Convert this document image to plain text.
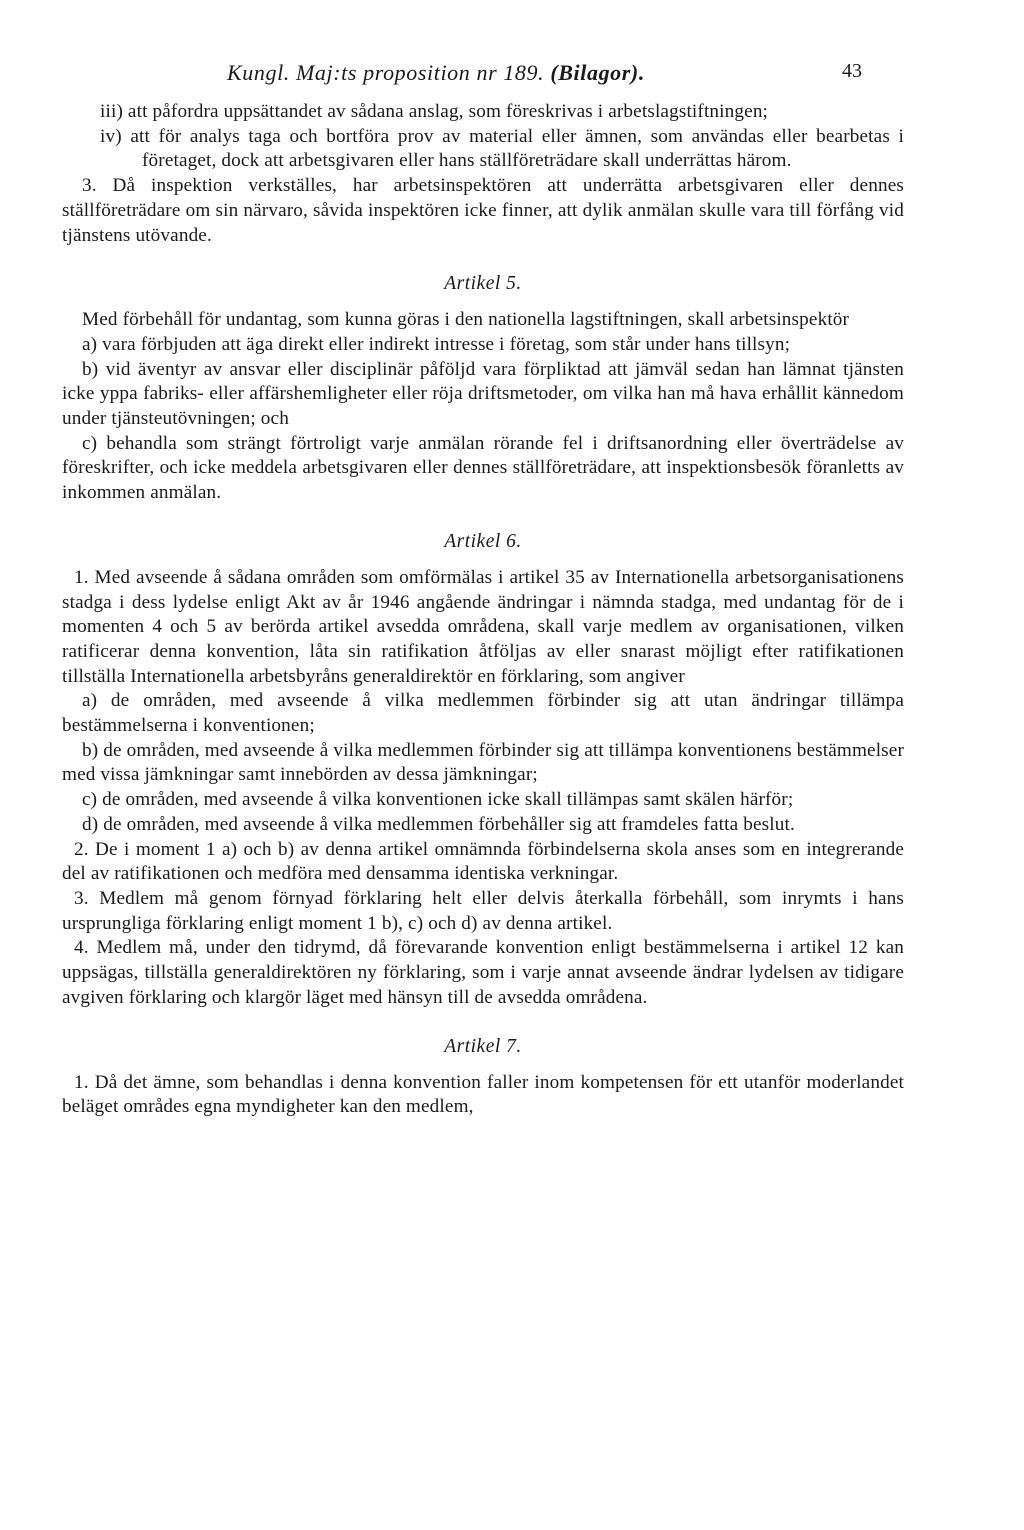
Kungl. Maj:ts proposition nr 189. (Bilagor).	43

iii) att påfordra uppsättandet av sådana anslag, som föreskrivas i arbetslagstiftningen;

iv) att för analys taga och bortföra prov av material eller ämnen, som användas eller bearbetas i företaget, dock att arbetsgivaren eller hans ställföreträdare skall underrättas härom.

3. Då inspektion verkställes, har arbetsinspektören att underrätta arbetsgivaren eller dennes ställföreträdare om sin närvaro, såvida inspektören icke finner, att dylik anmälan skulle vara till förfång vid tjänstens utövande.

Artikel 5.

Med förbehåll för undantag, som kunna göras i den nationella lagstiftningen, skall arbetsinspektör

a) vara förbjuden att äga direkt eller indirekt intresse i företag, som står under hans tillsyn;

b) vid äventyr av ansvar eller disciplinär påföljd vara förpliktad att jämväl sedan han lämnat tjänsten icke yppa fabriks- eller affärshemligheter eller röja driftsmetoder, om vilka han må hava erhållit kännedom under tjänsteutövningen; och

c) behandla som strängt förtroligt varje anmälan rörande fel i driftsanordning eller överträdelse av föreskrifter, och icke meddela arbetsgivaren eller dennes ställföreträdare, att inspektionsbesök föranletts av inkommen anmälan.

Artikel 6.

1. Med avseende å sådana områden som omförmälas i artikel 35 av Internationella arbetsorganisationens stadga i dess lydelse enligt Akt av år 1946 angående ändringar i nämnda stadga, med undantag för de i momenten 4 och 5 av berörda artikel avsedda områdena, skall varje medlem av organisationen, vilken ratificerar denna konvention, låta sin ratifikation åtföljas av eller snarast möjligt efter ratifikationen tillställa Internationella arbetsbyråns generaldirektör en förklaring, som angiver

a) de områden, med avseende å vilka medlemmen förbinder sig att utan ändringar tillämpa bestämmelserna i konventionen;

b) de områden, med avseende å vilka medlemmen förbinder sig att tillämpa konventionens bestämmelser med vissa jämkningar samt innebörden av dessa jämkningar;

c) de områden, med avseende å vilka konventionen icke skall tillämpas samt skälen härför;

d) de områden, med avseende å vilka medlemmen förbehåller sig att framdeles fatta beslut.

2. De i moment 1 a) och b) av denna artikel omnämnda förbindelserna skola anses som en integrerande del av ratifikationen och medföra med densamma identiska verkningar.

3. Medlem må genom förnyad förklaring helt eller delvis återkalla förbehåll, som inrymts i hans ursprungliga förklaring enligt moment 1 b), c) och d) av denna artikel.

4. Medlem må, under den tidrymd, då förevarande konvention enligt bestämmelserna i artikel 12 kan uppsägas, tillställa generaldirektören ny förklaring, som i varje annat avseende ändrar lydelsen av tidigare avgiven förklaring och klargör läget med hänsyn till de avsedda områdena.

Artikel 7.

1. Då det ämne, som behandlas i denna konvention faller inom kompetensen för ett utanför moderlandet beläget områdes egna myndigheter kan den medlem,
